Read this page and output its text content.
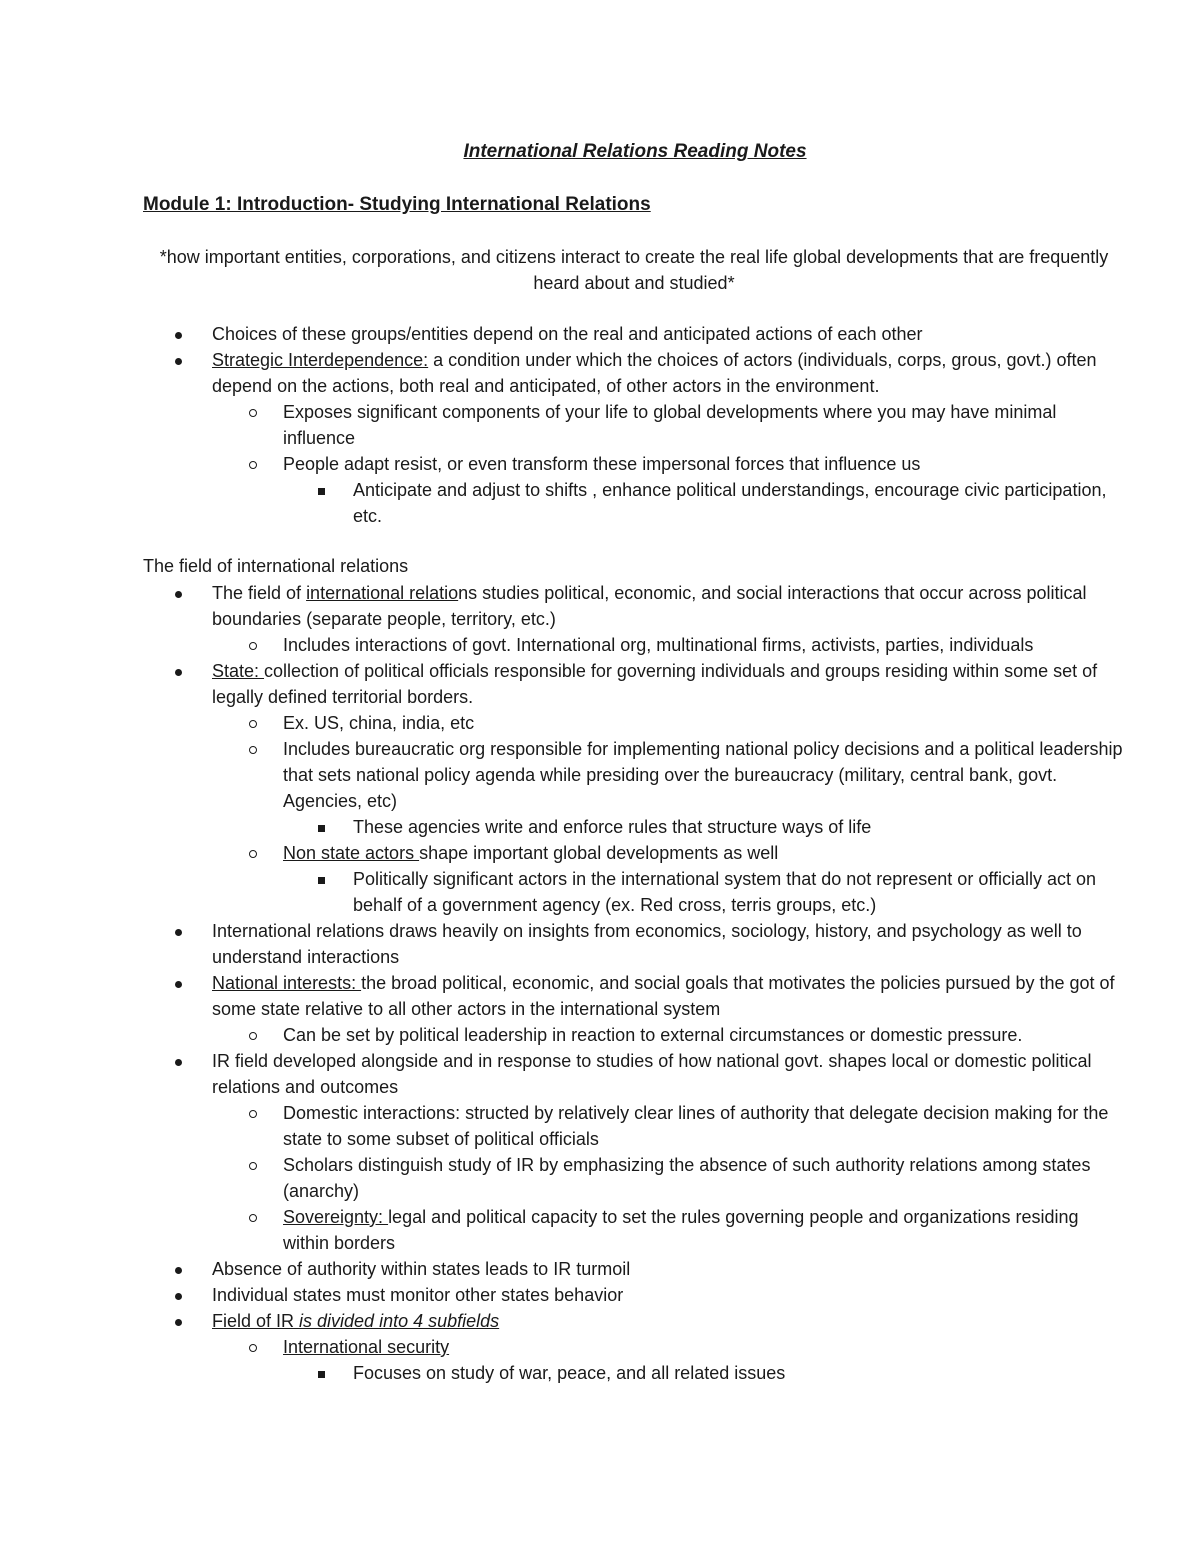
International Relations Reading Notes
Module 1: Introduction- Studying International Relations

*how important entities, corporations, and citizens interact to create the real life global developments that are frequently heard about and studied*

Choices of these groups/entities depend on the real and anticipated actions of each other
Strategic Interdependence: a condition under which the choices of actors (individuals, corps, grous, govt.) often depend on the actions, both real and anticipated, of other actors in the environment.
Exposes significant components of your life to global developments where you may have minimal influence
People adapt resist, or even transform these impersonal forces that influence us
Anticipate and adjust to shifts , enhance political understandings, encourage civic participation, etc.

The field of international relations

The field of international relations studies political, economic, and social interactions that occur across political boundaries (separate people, territory, etc.)
Includes interactions of govt. International org, multinational firms, activists, parties, individuals
State: collection of political officials responsible for governing individuals and groups residing within some set of legally defined territorial borders.
Ex. US, china, india, etc
Includes bureaucratic org responsible for implementing national policy decisions and a political leadership that sets national policy agenda while presiding over the bureaucracy (military, central bank, govt. Agencies, etc)
These agencies write and enforce rules that structure ways of life
Non state actors shape important global developments as well
Politically significant actors in the international system that do not represent or officially act on behalf of a government agency (ex. Red cross, terris groups, etc.)
International relations draws heavily on insights from economics, sociology, history, and psychology as well to understand interactions
National interests: the broad political, economic, and social goals that motivates the policies pursued by the got of some state relative to all other actors in the international system
Can be set by political leadership in reaction to external circumstances or domestic pressure.
IR field developed alongside and in response to studies of how national govt. shapes local or domestic political relations and outcomes
Domestic interactions: structed by relatively clear lines of authority that delegate decision making for the state to some subset of political officials
Scholars distinguish study of IR by emphasizing the absence of such authority relations among states (anarchy)
Sovereignty: legal and political capacity to set the rules governing people and organizations residing within borders
Absence of authority within states leads to IR turmoil
Individual states must monitor other states behavior
Field of IR is divided into 4 subfields
International security
Focuses on study of war, peace, and all related issues
